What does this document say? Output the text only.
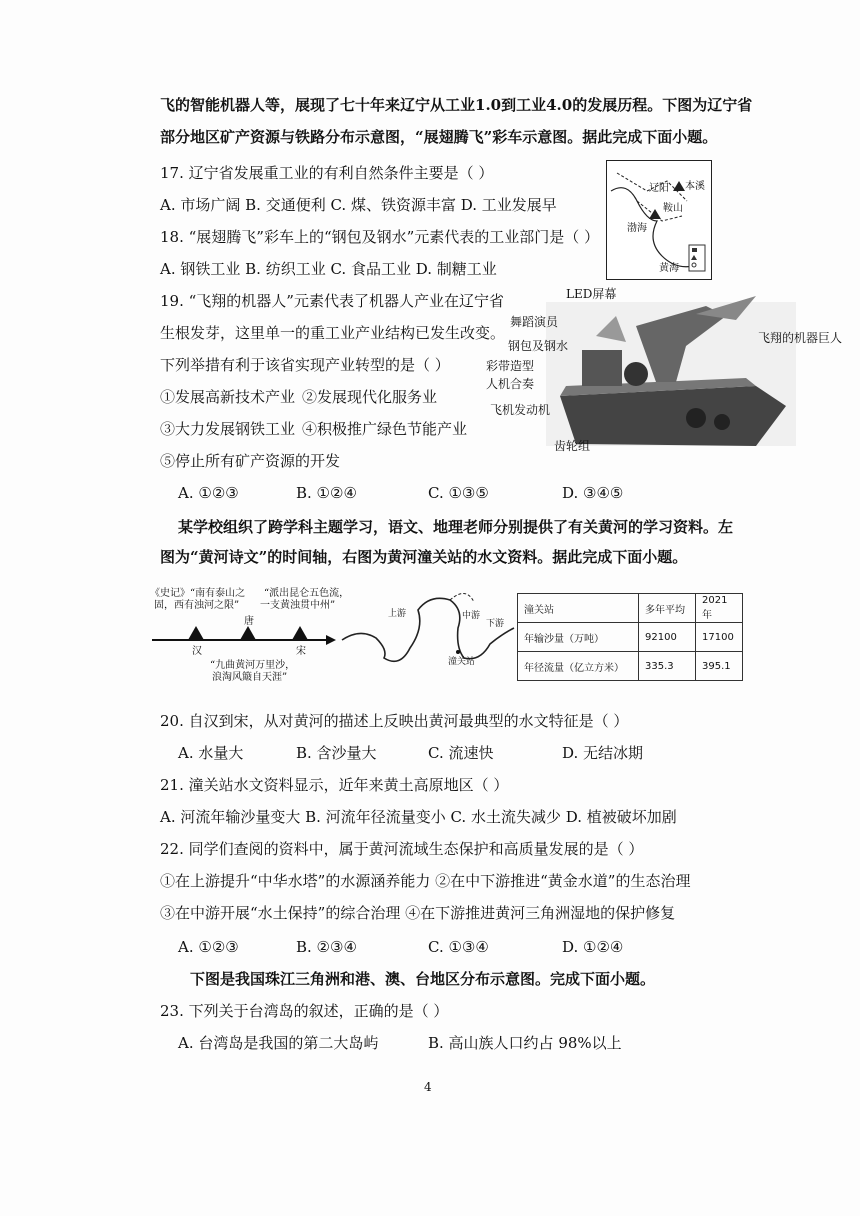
飞的智能机器人等，展现了七十年来辽宁从工业1.0到工业4.0的发展历程。下图为辽宁省
部分地区矿产资源与铁路分布示意图，“展翅腾飞”彩车示意图。据此完成下面小题。
17. 辽宁省发展重工业的有利自然条件主要是（ ）
A. 市场广阔 B. 交通便利 C. 煤、铁资源丰富 D. 工业发展早
18. “展翅腾飞”彩车上的“钢包及钢水”元素代表的工业部门是（ ）
A. 钢铁工业 B. 纺织工业 C. 食品工业 D. 制糖工业
渤海
黄海
鞍山
本溪
辽阳
19. “飞翔的机器人”元素代表了机器人产业在辽宁省
生根发芽，这里单一的重工业产业结构已发生改变。
下列举措有利于该省实现产业转型的是（ ）
①发展高新技术产业 ②发展现代化服务业
③大力发展钢铁工业 ④积极推广绿色节能产业
⑤停止所有矿产资源的开发
A. ①②③	B. ①②④	C. ①③⑤	D. ③④⑤
LED屏幕
舞蹈演员
钢包及钢水
彩带造型
人机合奏
飞机发动机
齿轮组
飞翔的机器巨人
某学校组织了跨学科主题学习，语文、地理老师分别提供了有关黄河的学习资料。左
图为“黄河诗文”的时间轴，右图为黄河潼关站的水文资料。据此完成下面小题。
《史记》“南有泰山之
固，西有浊河之限”
“派出昆仑五色流，
一支黄浊贯中州”
汉
唐
宋
“九曲黄河万里沙，
浪淘风簸自天涯”
上游	中游
下游
潼关站
潼关站	多年平均	2021年
年输沙量（万吨）	92100	17100
年径流量（亿立方米）	335.3	395.1
20. 自汉到宋，从对黄河的描述上反映出黄河最典型的水文特征是（ ）
A. 水量大	B. 含沙量大	C. 流速快	D. 无结冰期
21. 潼关站水文资料显示，近年来黄土高原地区（ ）
A. 河流年输沙量变大 B. 河流年径流量变小 C. 水土流失减少 D. 植被破坏加剧
22. 同学们查阅的资料中，属于黄河流域生态保护和高质量发展的是（ ）
①在上游提升“中华水塔”的水源涵养能力 ②在中下游推进“黄金水道”的生态治理
③在中游开展“水土保持”的综合治理 ④在下游推进黄河三角洲湿地的保护修复
A. ①②③	B. ②③④	C. ①③④	D. ①②④
下图是我国珠江三角洲和港、澳、台地区分布示意图。完成下面小题。
23. 下列关于台湾岛的叙述，正确的是（ ）
A. 台湾岛是我国的第二大岛屿	B. 高山族人口约占 98%以上
4
